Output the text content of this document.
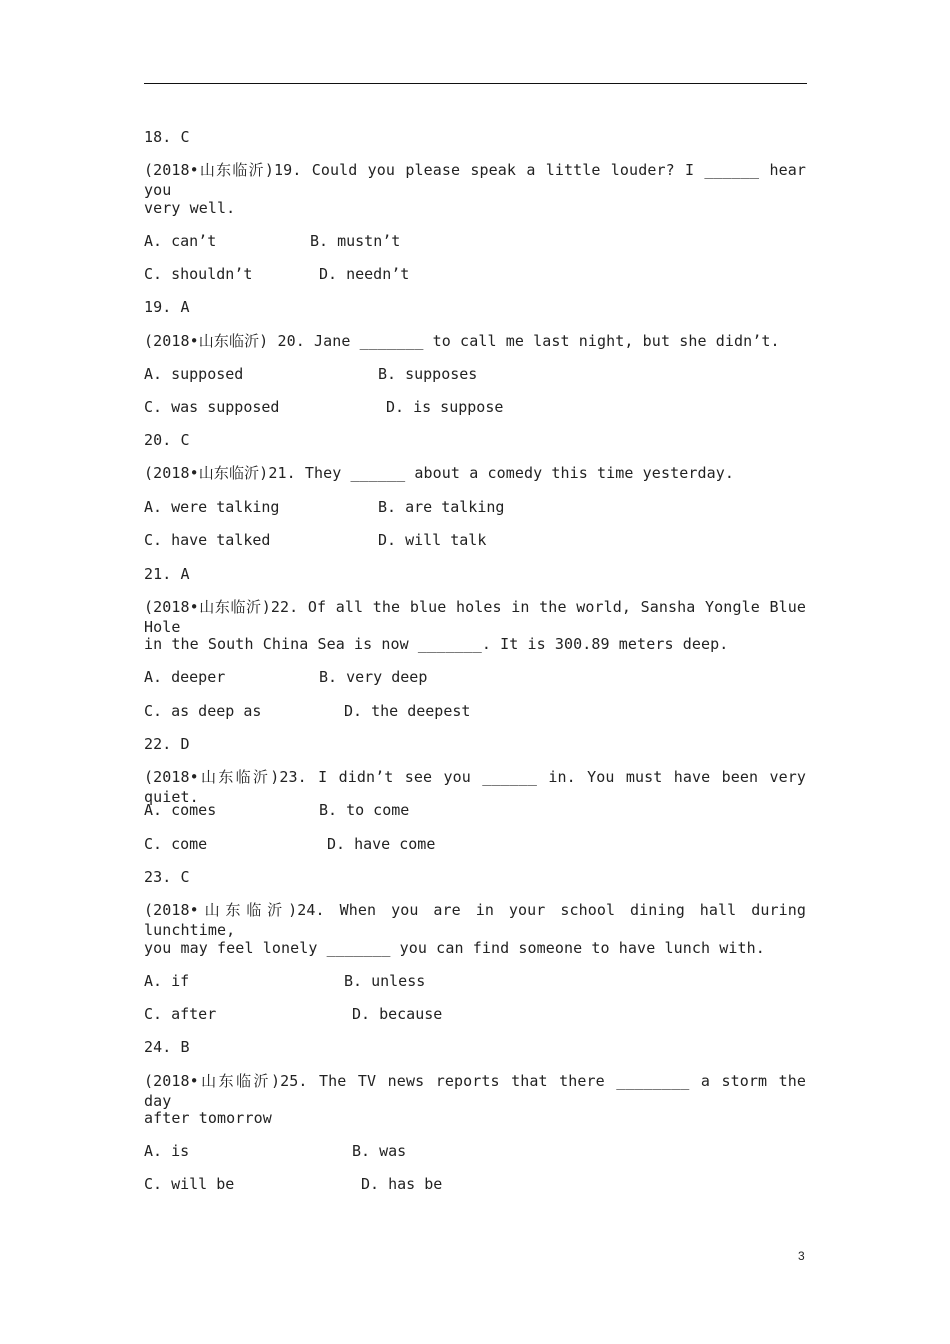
18. C
(2018•山东临沂)19. Could you please speak a little louder? I ______ hear you
very well.
A. can’t	B. mustn’t
C. shouldn’t	D. needn’t
19. A
(2018•山东临沂) 20. Jane _______ to call me last night, but she didn’t.
A. supposed	B. supposes
C. was supposed	D. is suppose
20. C
(2018•山东临沂)21. They ______ about a comedy this time yesterday.
A. were talking	B. are talking
C. have talked	D. will talk
21. A
(2018•山东临沂)22. Of all the blue holes in the world, Sansha Yongle Blue Hole
in the South China Sea is now _______. It is 300.89 meters deep.
A. deeper	B. very deep
C. as deep as	D. the deepest
22. D
(2018•山东临沂)23. I didn’t see you ______ in. You must have been very quiet.
A. comes	B. to come
C. come	D. have come
23. C
(2018•山东临沂)24. When you are in your school dining hall during lunchtime,
you may feel lonely _______ you can find someone to have lunch with.
A. if	B. unless
C. after	D. because
24. B
(2018•山东临沂)25. The TV news reports that there ________ a storm the day
after tomorrow
A. is	B. was
C. will be	D. has be
3
